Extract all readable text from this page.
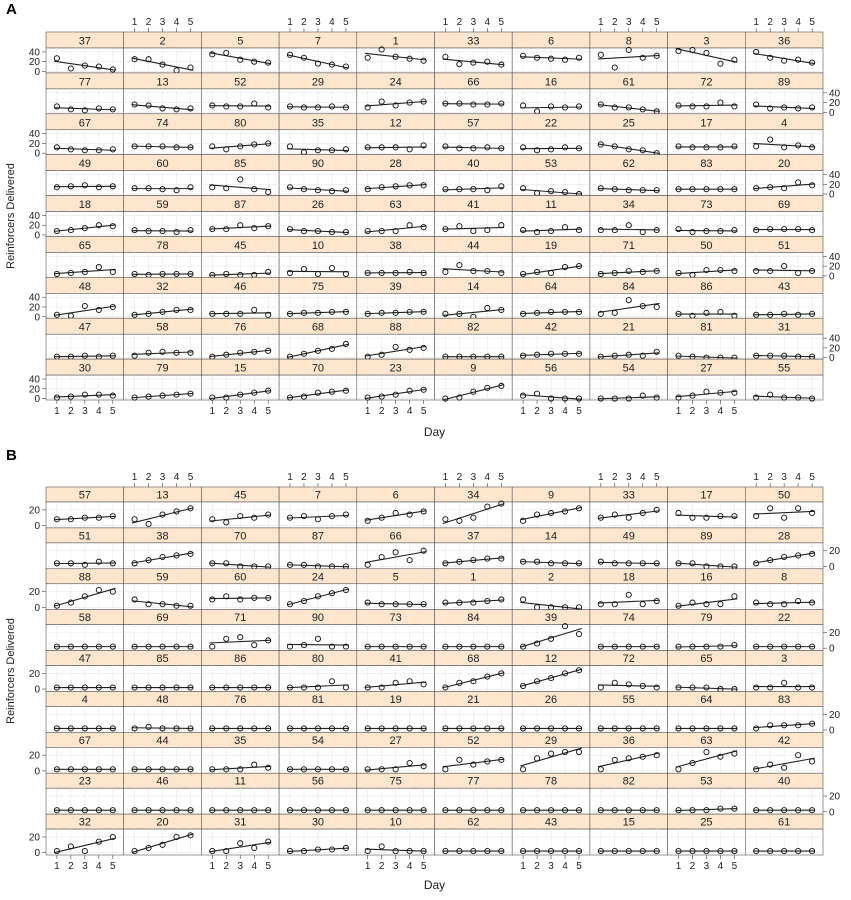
A
37
0
20
40
2
1 2 3 4 5
5	7
1 2 3 4 5
1	33
1 2 3 4 5
6	8
1 2 3 4 5
3	36
1 2 3 4 5
77	13	52	29	24	66	16	61	72	89
0
20
40
67
0
20
40
74	80	35	12	57	22	25	17	4
49	60	85	90	28	40	53	62	83	20
0
20
40
18
0
20
40
59	87	26	63	41	11	34	73	69
65	78	45	10	38	44	19	71	50	51
0
20
40
48
0
20
40
32	46	75	39	14	64	84	86	43
47	58	76	68	88	82	42	21	81	31
0
20
40
30
1 2 3 4 5
0
20
40
79	15
1 2 3 4 5
70	23
1 2 3 4 5
9	56
1 2 3 4 5
54	27
1 2 3 4 5
55
Day
Reinforcers Delivered
B
57
0
20
13
1 2 3 4 5
45	7
1 2 3 4 5
6	34
1 2 3 4 5
9	33
1 2 3 4 5
17	50
1 2 3 4 5
51	38	70	87	66	37	14	49	89	28
0
20
88
0
20
59	60	24	5	1	2	18	16	8
58	69	71	90	73	84	39	74	79	22
0
20
47
0
20
85	86	80	41	68	12	72	65	3
4	48	76	81	19	21	26	55	64	83
0
20
67
0
20
44	35	54	27	52	29	36	63	42
23	46	11	56	75	77	78	82	53	40
0
20
32
1 2 3 4 5
0
20
20	31
1 2 3 4 5
30	10
1 2 3 4 5
62	43
1 2 3 4 5
15	25
1 2 3 4 5
61
Day
Reinforcers Delivered
